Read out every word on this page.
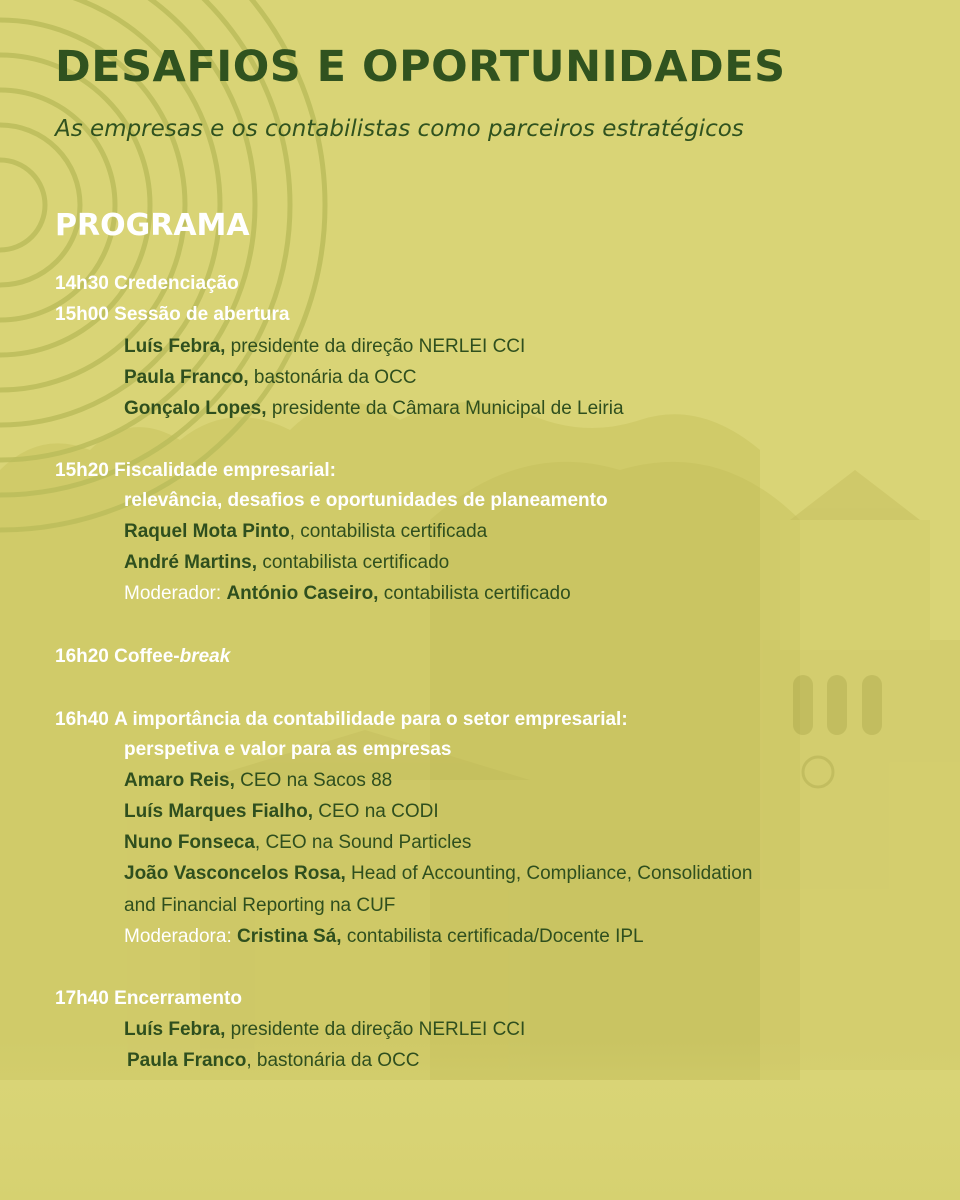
DESAFIOS E OPORTUNIDADES

As empresas e os contabilistas como parceiros estratégicos

PROGRAMA
14h30 Credenciação
15h00 Sessão de abertura
Luís Febra, presidente da direção NERLEI CCI
Paula Franco, bastonária da OCC
Gonçalo Lopes, presidente da Câmara Municipal de Leiria
15h20 Fiscalidade empresarial:
relevância, desafios e oportunidades de planeamento
Raquel Mota Pinto, contabilista certificada
André Martins, contabilista certificado
Moderador: António Caseiro, contabilista certificado
16h20 Coffee-break
16h40 A importância da contabilidade para o setor empresarial:
perspetiva e valor para as empresas
Amaro Reis, CEO na Sacos 88
Luís Marques Fialho, CEO na CODI
Nuno Fonseca, CEO na Sound Particles
João Vasconcelos Rosa, Head of Accounting, Compliance, Consolidation
and Financial Reporting na CUF
Moderadora: Cristina Sá, contabilista certificada/Docente IPL
17h40 Encerramento
Luís Febra, presidente da direção NERLEI CCI
Paula Franco, bastonária da OCC
